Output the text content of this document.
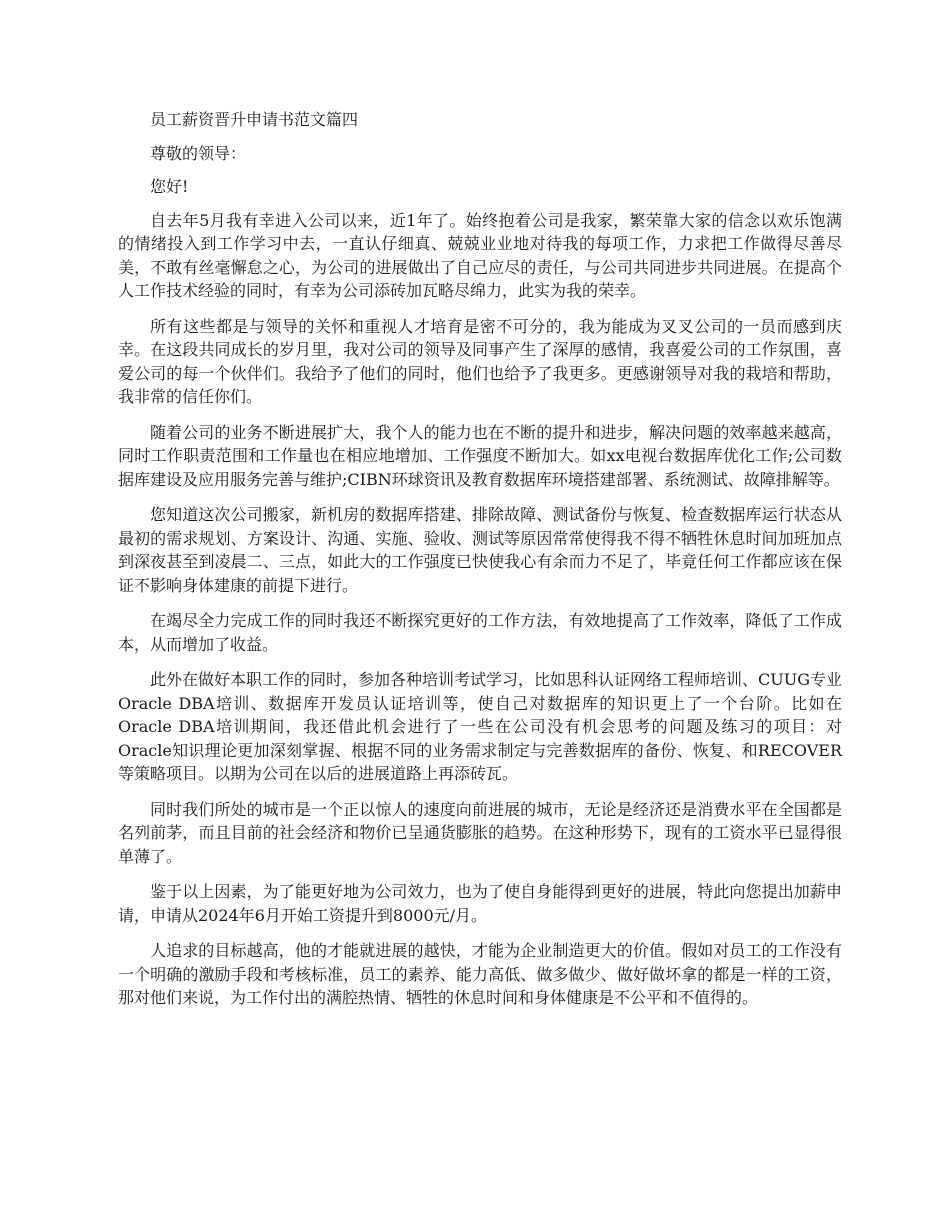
员工薪资晋升申请书范文篇四

尊敬的领导：

您好!

自去年5月我有幸进入公司以来，近1年了。始终抱着公司是我家，繁荣靠大家的信念以欢乐饱满的情绪投入到工作学习中去，一直认仔细真、兢兢业业地对待我的每项工作，力求把工作做得尽善尽美，不敢有丝毫懈怠之心，为公司的进展做出了自己应尽的责任，与公司共同进步共同进展。在提高个人工作技术经验的同时，有幸为公司添砖加瓦略尽绵力，此实为我的荣幸。

所有这些都是与领导的关怀和重视人才培育是密不可分的，我为能成为叉叉公司的一员而感到庆幸。在这段共同成长的岁月里，我对公司的领导及同事产生了深厚的感情，我喜爱公司的工作氛围，喜爱公司的每一个伙伴们。我给予了他们的同时，他们也给予了我更多。更感谢领导对我的栽培和帮助，我非常的信任你们。

随着公司的业务不断进展扩大，我个人的能力也在不断的提升和进步，解决问题的效率越来越高，同时工作职责范围和工作量也在相应地增加、工作强度不断加大。如xx电视台数据库优化工作;公司数据库建设及应用服务完善与维护;CIBN环球资讯及教育数据库环境搭建部署、系统测试、故障排解等。

您知道这次公司搬家，新机房的数据库搭建、排除故障、测试备份与恢复、检查数据库运行状态从最初的需求规划、方案设计、沟通、实施、验收、测试等原因常常使得我不得不牺牲休息时间加班加点到深夜甚至到凌晨二、三点，如此大的工作强度已快使我心有余而力不足了，毕竟任何工作都应该在保证不影响身体建康的前提下进行。

在竭尽全力完成工作的同时我还不断探究更好的工作方法，有效地提高了工作效率，降低了工作成本，从而增加了收益。

此外在做好本职工作的同时，参加各种培训考试学习，比如思科认证网络工程师培训、CUUG专业Oracle DBA培训、数据库开发员认证培训等，使自己对数据库的知识更上了一个台阶。比如在Oracle DBA培训期间，我还借此机会进行了一些在公司没有机会思考的问题及练习的项目：对Oracle知识理论更加深刻掌握、根据不同的业务需求制定与完善数据库的备份、恢复、和RECOVER等策略项目。以期为公司在以后的进展道路上再添砖瓦。

同时我们所处的城市是一个正以惊人的速度向前进展的城市，无论是经济还是消费水平在全国都是名列前茅，而且目前的社会经济和物价已呈通货膨胀的趋势。在这种形势下，现有的工资水平已显得很单薄了。

鉴于以上因素，为了能更好地为公司效力，也为了使自身能得到更好的进展，特此向您提出加薪申请，申请从2024年6月开始工资提升到8000元/月。

人追求的目标越高，他的才能就进展的越快，才能为企业制造更大的价值。假如对员工的工作没有一个明确的激励手段和考核标准，员工的素养、能力高低、做多做少、做好做坏拿的都是一样的工资，那对他们来说，为工作付出的满腔热情、牺牲的休息时间和身体健康是不公平和不值得的。
